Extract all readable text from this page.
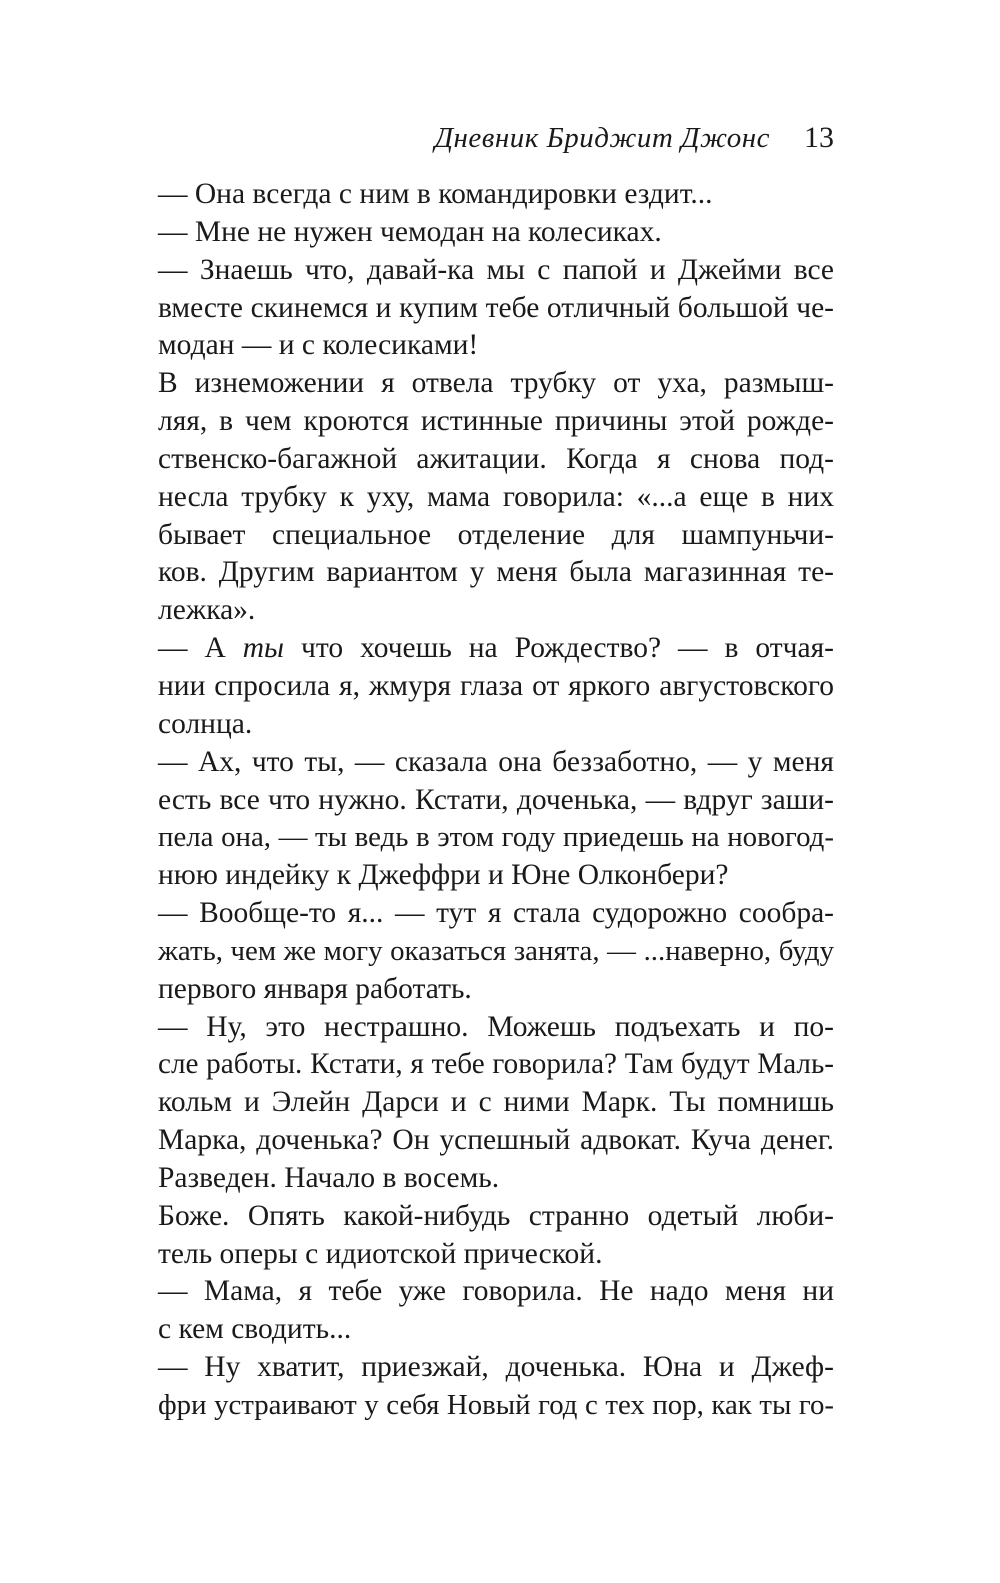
Дневник Бриджит Джонс 13

— Она всегда с ним в командировки ездит...

— Мне не нужен чемодан на колесиках.

— Знаешь что, давай-ка мы с папой и Джейми все
вместе скинемся и купим тебе отличный большой че-
модан — и с колесиками!

В изнеможении я отвела трубку от уха, размыш-
ляя, в чем кроются истинные причины этой рожде-
ственско-багажной ажитации. Когда я снова под-
несла трубку к уху, мама говорила: «...а еще в них
бывает специальное отделение для шампуньчи-
ков. Другим вариантом у меня была магазинная те-
лежка».

— А ты что хочешь на Рождество? — в отчая-
нии спросила я, жмуря глаза от яркого августовского
солнца.

— Ах, что ты, — сказала она беззаботно, — у меня
есть все что нужно. Кстати, доченька, — вдруг заши-
пела она, — ты ведь в этом году приедешь на новогод-
нюю индейку к Джеффри и Юне Олконбери?

— Вообще-то я... — тут я стала судорожно сообра-
жать, чем же могу оказаться занята, — ...наверно, буду
первого января работать.

— Ну, это нестрашно. Можешь подъехать и по-
сле работы. Кстати, я тебе говорила? Там будут Маль-
кольм и Элейн Дарси и с ними Марк. Ты помнишь
Марка, доченька? Он успешный адвокат. Куча денег.
Разведен. Начало в восемь.

Боже. Опять какой-нибудь странно одетый люби-
тель оперы с идиотской прической.

— Мама, я тебе уже говорила. Не надо меня ни
с кем сводить...

— Ну хватит, приезжай, доченька. Юна и Джеф-
фри устраивают у себя Новый год с тех пор, как ты го-
